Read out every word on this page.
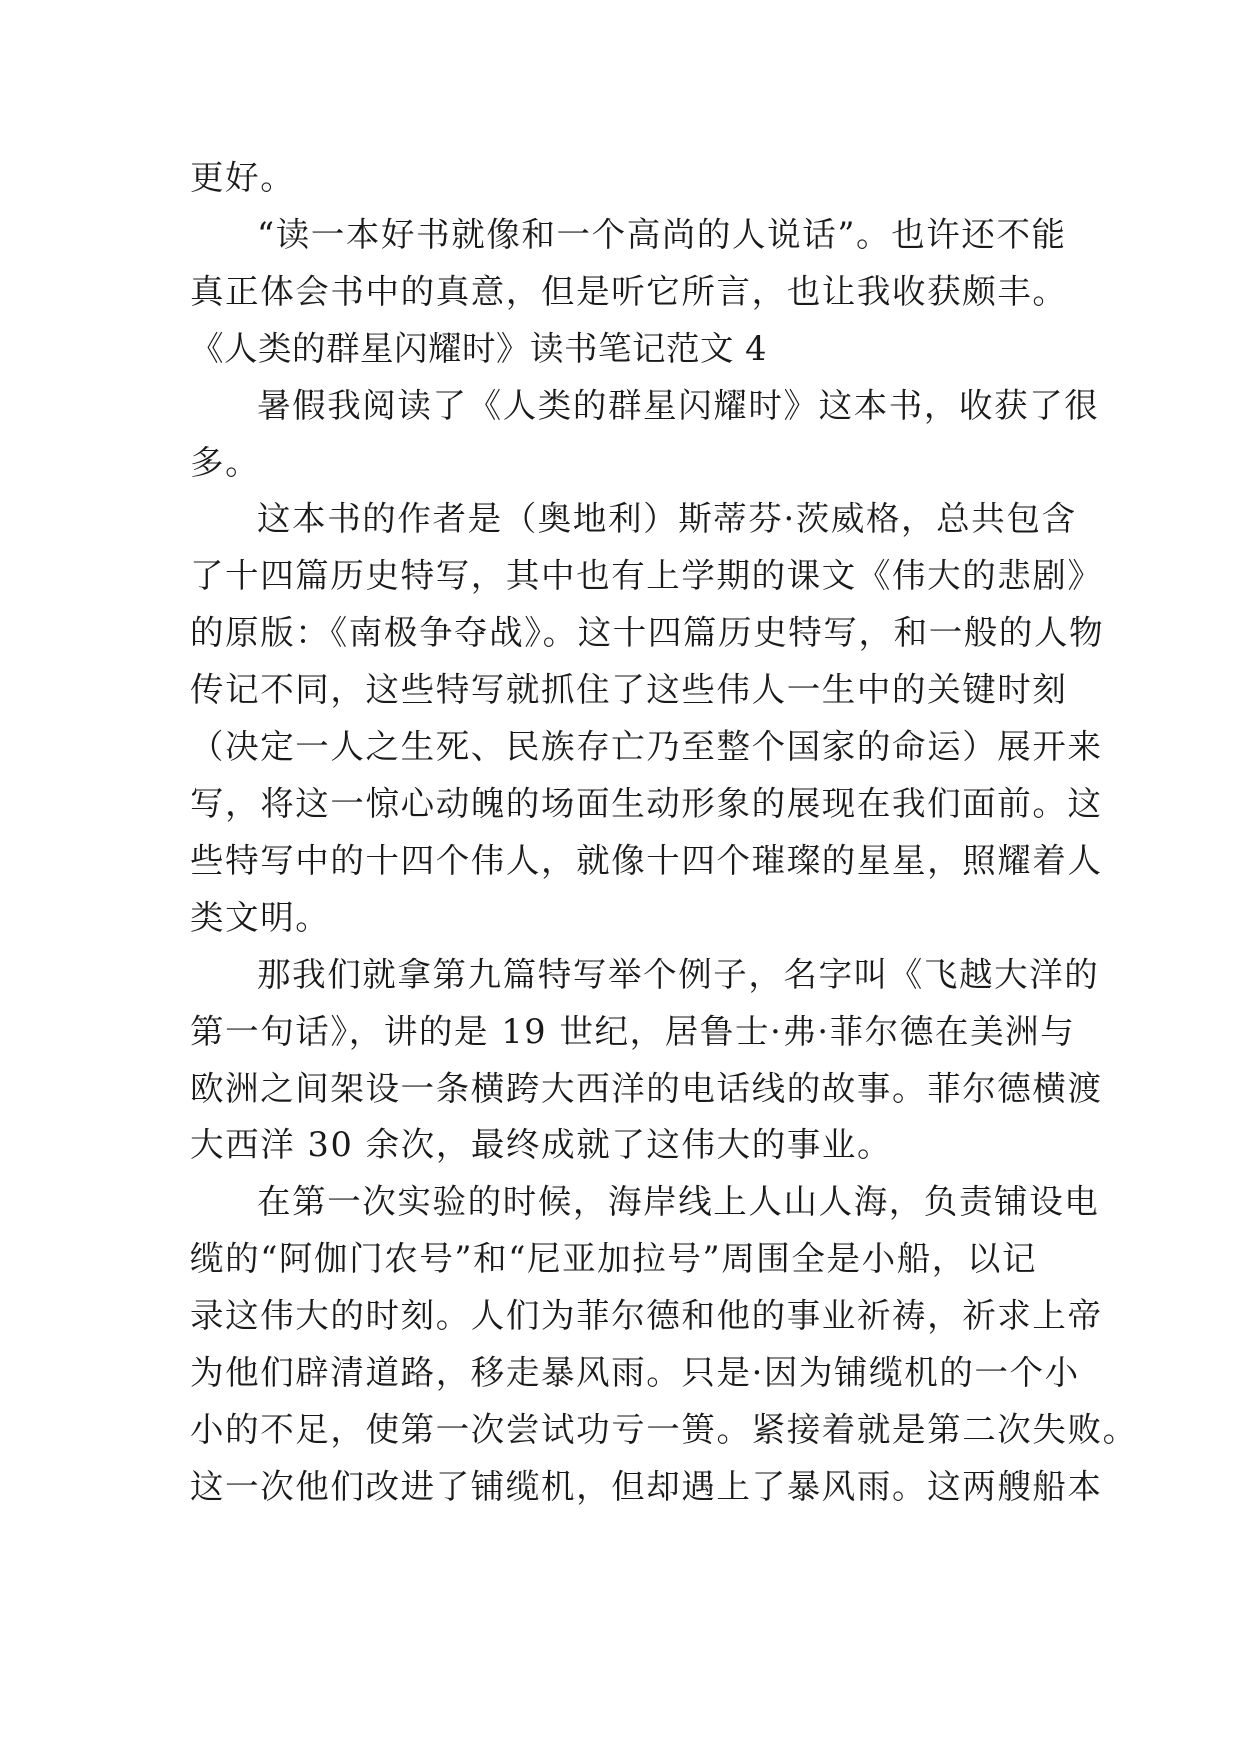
更好。

“读一本好书就像和一个高尚的人说话”。也许还不能

真正体会书中的真意，但是听它所言，也让我收获颇丰。

《人类的群星闪耀时》读书笔记范文 4

暑假我阅读了《人类的群星闪耀时》这本书，收获了很

多。

这本书的作者是（奥地利）斯蒂芬·茨威格，总共包含

了十四篇历史特写，其中也有上学期的课文《伟大的悲剧》

的原版：《南极争夺战》。这十四篇历史特写，和一般的人物

传记不同，这些特写就抓住了这些伟人一生中的关键时刻

（决定一人之生死、民族存亡乃至整个国家的命运）展开来

写，将这一惊心动魄的场面生动形象的展现在我们面前。这

些特写中的十四个伟人，就像十四个璀璨的星星，照耀着人

类文明。

那我们就拿第九篇特写举个例子，名字叫《飞越大洋的

第一句话》，讲的是 19 世纪，居鲁士·弗·菲尔德在美洲与

欧洲之间架设一条横跨大西洋的电话线的故事。菲尔德横渡

大西洋 30 余次，最终成就了这伟大的事业。

在第一次实验的时候，海岸线上人山人海，负责铺设电

缆的“阿伽门农号”和“尼亚加拉号”周围全是小船，以记

录这伟大的时刻。人们为菲尔德和他的事业祈祷，祈求上帝

为他们辟清道路，移走暴风雨。只是·因为铺缆机的一个小

小的不足，使第一次尝试功亏一篑。紧接着就是第二次失败。

这一次他们改进了铺缆机，但却遇上了暴风雨。这两艘船本
